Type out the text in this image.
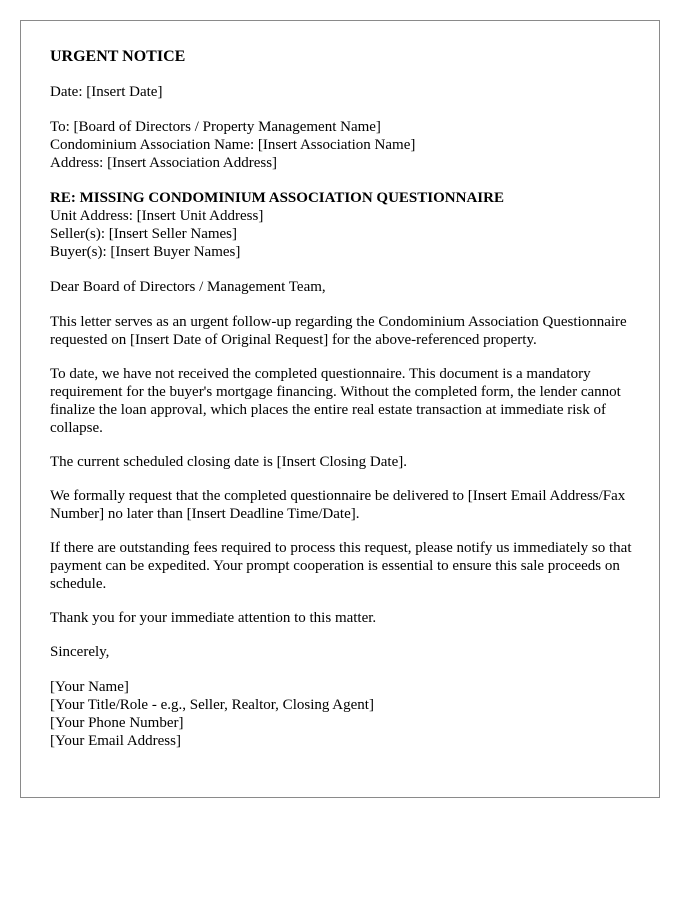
URGENT NOTICE
Date: [Insert Date]
To: [Board of Directors / Property Management Name]
Condominium Association Name: [Insert Association Name]
Address: [Insert Association Address]
RE: MISSING CONDOMINIUM ASSOCIATION QUESTIONNAIRE
Unit Address: [Insert Unit Address]
Seller(s): [Insert Seller Names]
Buyer(s): [Insert Buyer Names]
Dear Board of Directors / Management Team,

This letter serves as an urgent follow-up regarding the Condominium Association Questionnaire requested on [Insert Date of Original Request] for the above-referenced property.

To date, we have not received the completed questionnaire. This document is a mandatory requirement for the buyer's mortgage financing. Without the completed form, the lender cannot finalize the loan approval, which places the entire real estate transaction at immediate risk of collapse.

The current scheduled closing date is [Insert Closing Date].

We formally request that the completed questionnaire be delivered to [Insert Email Address/Fax Number] no later than [Insert Deadline Time/Date].

If there are outstanding fees required to process this request, please notify us immediately so that payment can be expedited. Your prompt cooperation is essential to ensure this sale proceeds on schedule.

Thank you for your immediate attention to this matter.

Sincerely,
[Your Name]
[Your Title/Role - e.g., Seller, Realtor, Closing Agent]
[Your Phone Number]
[Your Email Address]
